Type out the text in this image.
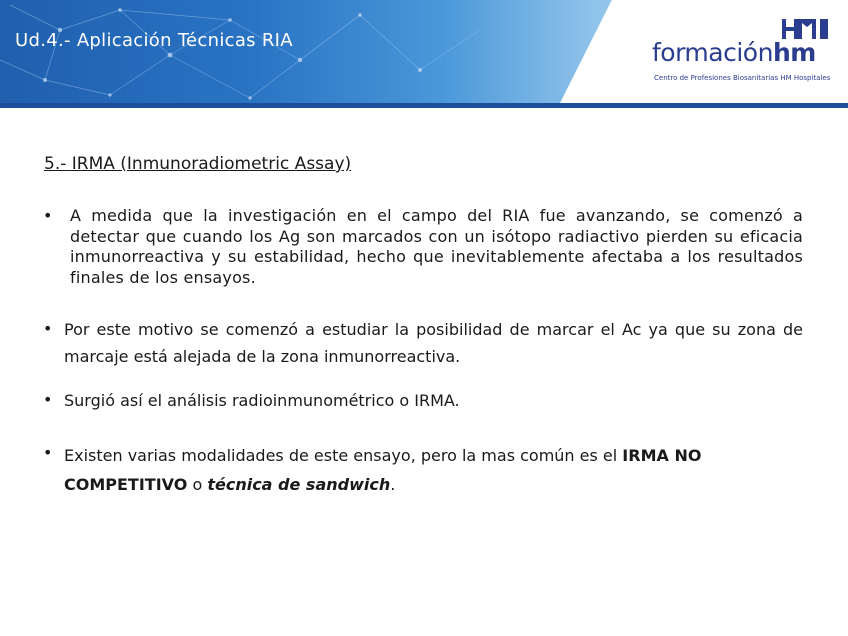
Ud.4.- Aplicación Técnicas RIA	formaciónhm
Centro de Profesiones Biosanitarias HM Hospitales
5.- IRMA (Inmunoradiometric Assay)
• A medida que la investigación en el campo del RIA fue avanzando, se comenzó a detectar que cuando los Ag son marcados con un isótopo radiactivo pierden su eficacia inmunorreactiva y su estabilidad, hecho que inevitablemente afectaba a los resultados finales de los ensayos.
• Por este motivo se comenzó a estudiar la posibilidad de marcar el Ac ya que su zona de marcaje está alejada de la zona inmunorreactiva.
• Surgió así el análisis radioinmunométrico o IRMA.
• Existen varias modalidades de este ensayo, pero la mas común es el IRMA NO COMPETITIVO o técnica de sandwich.
